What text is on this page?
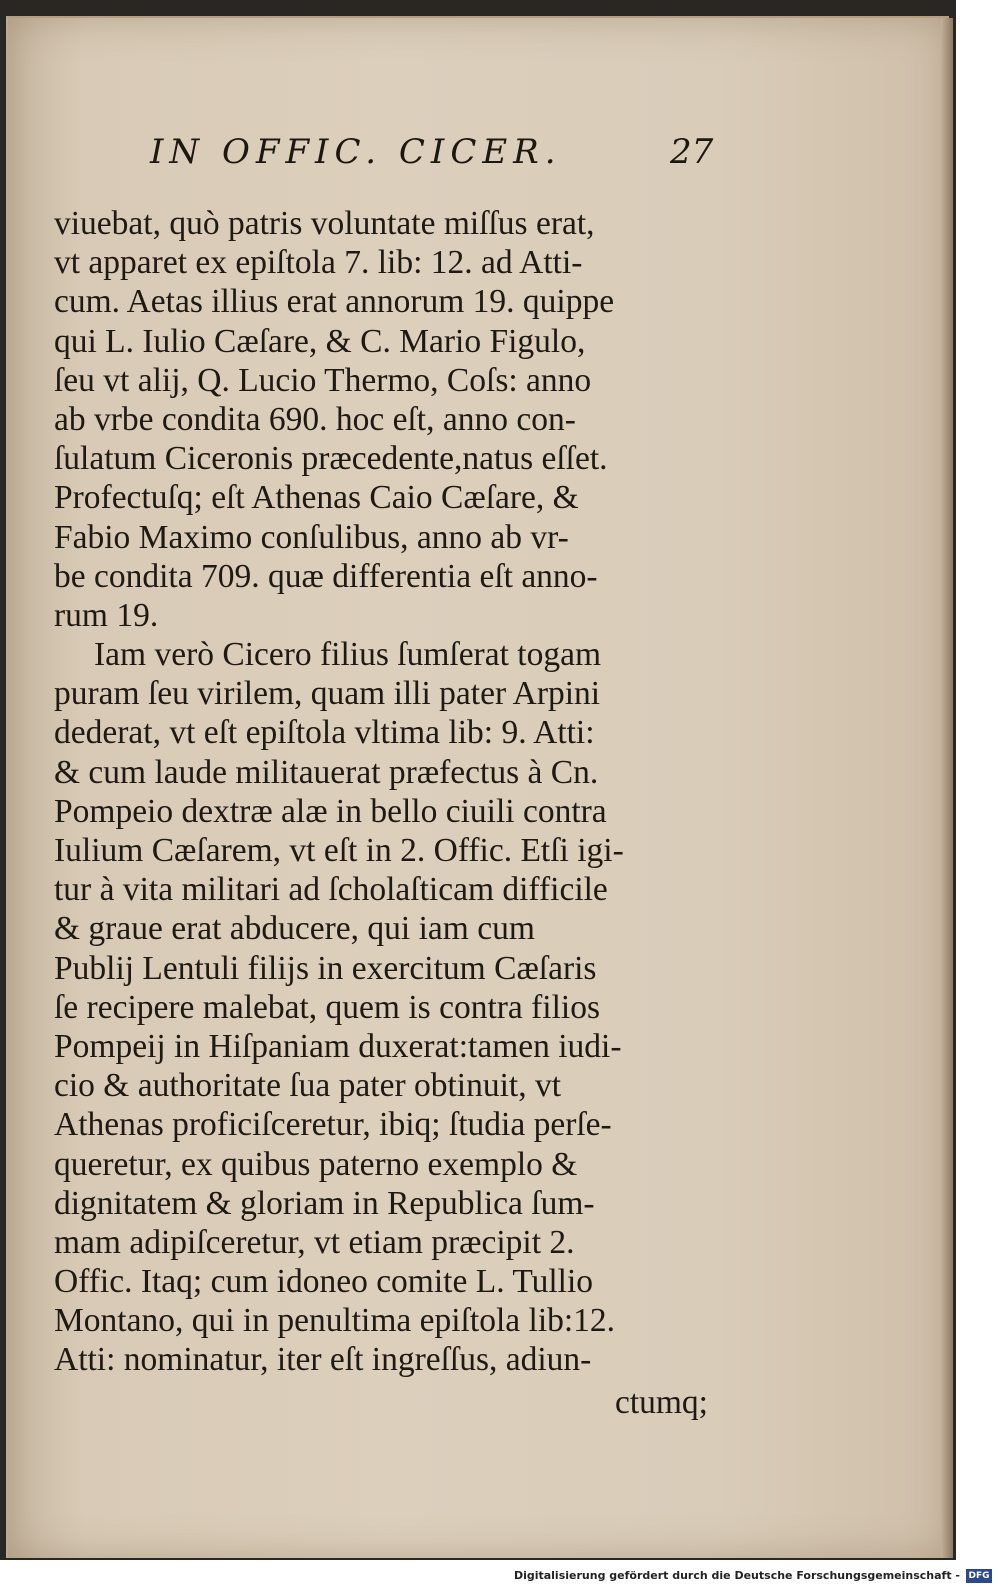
IN OFFIC. CICER.	27
viuebat, quò patris voluntate miſſus erat,
vt apparet ex epiſtola 7. lib: 12. ad Atti-
cum. Aetas illius erat annorum 19. quippe
qui L. Iulio Cæſare, & C. Mario Figulo,
ſeu vt alij, Q. Lucio Thermo, Coſs: anno
ab vrbe condita 690. hoc eſt, anno con-
ſulatum Ciceronis præcedente,natus eſſet.
Profectuſq; eſt Athenas Caio Cæſare, &
Fabio Maximo conſulibus, anno ab vr-
be condita 709. quæ differentia eſt anno-
rum 19.
Iam verò Cicero filius ſumſerat togam
puram ſeu virilem, quam illi pater Arpini
dederat, vt eſt epiſtola vltima lib: 9. Atti:
& cum laude militauerat præfectus à Cn.
Pompeio dextræ alæ in bello ciuili contra
Iulium Cæſarem, vt eſt in 2. Offic. Etſi igi-
tur à vita militari ad ſcholaſticam difficile
& graue erat abducere, qui iam cum
Publij Lentuli filijs in exercitum Cæſaris
ſe recipere malebat, quem is contra filios
Pompeij in Hiſpaniam duxerat:tamen iudi-
cio & authoritate ſua pater obtinuit, vt
Athenas proficiſceretur, ibiq; ſtudia perſe-
queretur, ex quibus paterno exemplo &
dignitatem & gloriam in Republica ſum-
mam adipiſceretur, vt etiam præcipit 2.
Offic. Itaq; cum idoneo comite L. Tullio
Montano, qui in penultima epiſtola lib:12.
Atti: nominatur, iter eſt ingreſſus, adiun-
ctumq;
Digitalisierung gefördert durch die Deutsche Forschungsgemeinschaft - DFG
